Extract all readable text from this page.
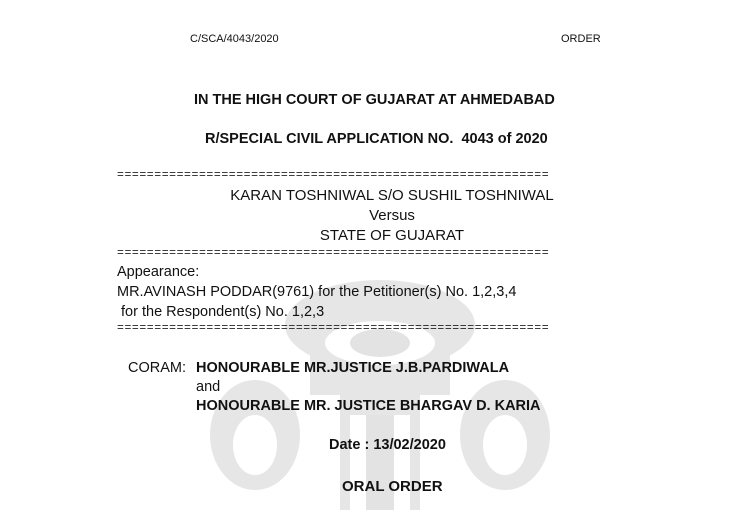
C/SCA/4043/2020	ORDER
IN THE HIGH COURT OF GUJARAT AT AHMEDABAD
R/SPECIAL CIVIL APPLICATION NO.  4043 of 2020
==========================================================
KARAN TOSHNIWAL S/O SUSHIL TOSHNIWAL
Versus
STATE OF GUJARAT
==========================================================
Appearance:
MR.AVINASH PODDAR(9761) for the Petitioner(s) No. 1,2,3,4
for the Respondent(s) No. 1,2,3
==========================================================
CORAM: HONOURABLE MR.JUSTICE J.B.PARDIWALA
and
HONOURABLE MR. JUSTICE BHARGAV D. KARIA
Date : 13/02/2020
ORAL ORDER
